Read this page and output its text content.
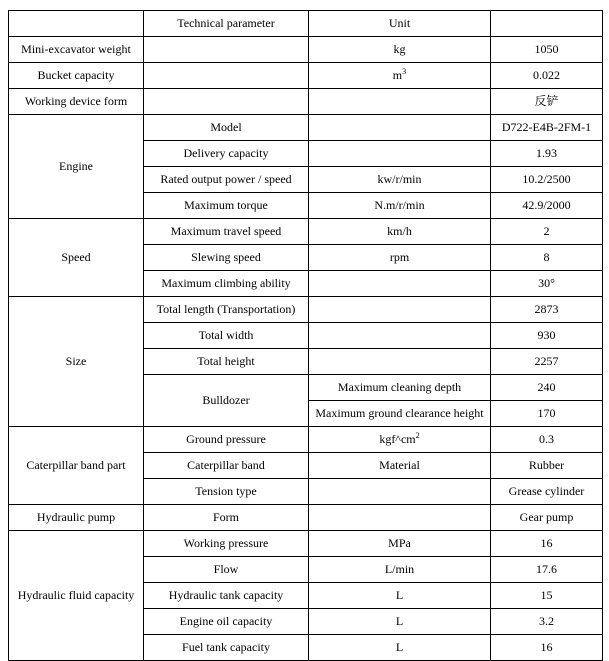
	Technical parameter	Unit	
Mini-excavator weight		kg	1050
Bucket capacity		$m^3$	0.022
Working device form			反铲
Engine	Model		D722-E4B-2FM-1
	Delivery capacity		1.93
	Rated output power / speed	kw/r/min	10.2/2500
	Maximum torque	N.m/r/min	42.9/2000
Speed	Maximum travel speed	km/h	2
	Slewing speed	rpm	8
	Maximum climbing ability		30°
Size	Total length (Transportation)		2873
	Total width		930
	Total height		2257
	Bulldozer	Maximum cleaning depth	240
		Maximum ground clearance height	170
Caterpillar band part	Ground pressure	$kgf\^{}cm^2$	0.3
	Caterpillar band	Material	Rubber
	Tension type		Grease cylinder
Hydraulic pump	Form		Gear pump
Hydraulic fluid capacity	Working pressure	MPa	16
	Flow	L/min	17.6
	Hydraulic tank capacity	L	15
	Engine oil capacity	L	3.2
	Fuel tank capacity	L	16
